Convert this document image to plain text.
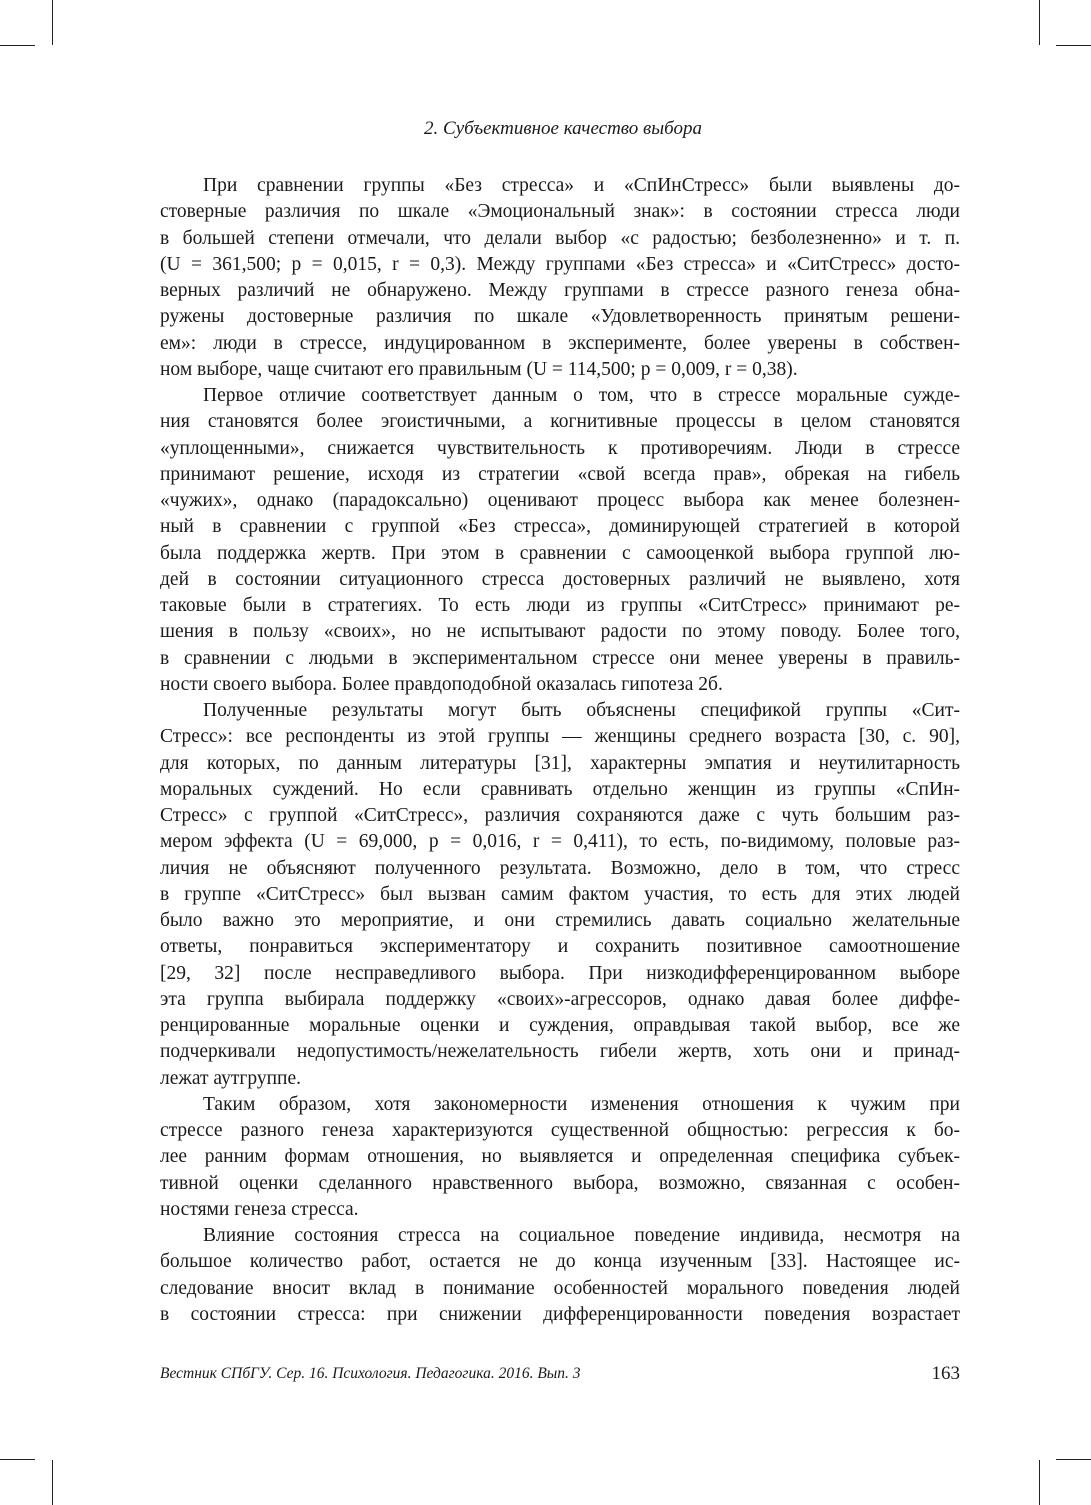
2. Субъективное качество выбора
При сравнении группы «Без стресса» и «СпИнСтресс» были выявлены до-
стоверные различия по шкале «Эмоциональный знак»: в состоянии стресса люди
в большей степени отмечали, что делали выбор «с радостью; безболезненно» и т. п.
(U = 361,500; p = 0,015, r = 0,3). Между группами «Без стресса» и «СитСтресс» досто-
верных различий не обнаружено. Между группами в стрессе разного генеза обна-
ружены достоверные различия по шкале «Удовлетворенность принятым решени-
ем»: люди в стрессе, индуцированном в эксперименте, более уверены в собствен-
ном выборе, чаще считают его правильным (U = 114,500; p = 0,009, r = 0,38).
Первое отличие соответствует данным о том, что в стрессе моральные сужде-
ния становятся более эгоистичными, а когнитивные процессы в целом становятся
«уплощенными», снижается чувствительность к противоречиям. Люди в стрессе
принимают решение, исходя из стратегии «свой всегда прав», обрекая на гибель
«чужих», однако (парадоксально) оценивают процесс выбора как менее болезнен-
ный в сравнении с группой «Без стресса», доминирующей стратегией в которой
была поддержка жертв. При этом в сравнении с самооценкой выбора группой лю-
дей в состоянии ситуационного стресса достоверных различий не выявлено, хотя
таковые были в стратегиях. То есть люди из группы «СитСтресс» принимают ре-
шения в пользу «своих», но не испытывают радости по этому поводу. Более того,
в сравнении с людьми в экспериментальном стрессе они менее уверены в правиль-
ности своего выбора. Более правдоподобной оказалась гипотеза 2б.
Полученные результаты могут быть объяснены спецификой группы «Сит-
Стресс»: все респонденты из этой группы — женщины среднего возраста [30, с. 90],
для которых, по данным литературы [31], характерны эмпатия и неутилитарность
моральных суждений. Но если сравнивать отдельно женщин из группы «СпИн-
Стресс» с группой «СитСтресс», различия сохраняются даже с чуть большим раз-
мером эффекта (U = 69,000, p = 0,016, r = 0,411), то есть, по-видимому, половые раз-
личия не объясняют полученного результата. Возможно, дело в том, что стресс
в группе «СитСтресс» был вызван самим фактом участия, то есть для этих людей
было важно это мероприятие, и они стремились давать социально желательные
ответы, понравиться экспериментатору и сохранить позитивное самоотношение
[29, 32] после несправедливого выбора. При низкодифференцированном выборе
эта группа выбирала поддержку «своих»-агрессоров, однако давая более диффе-
ренцированные моральные оценки и суждения, оправдывая такой выбор, все же
подчеркивали недопустимость/нежелательность гибели жертв, хоть они и принад-
лежат аутгруппе.
Таким образом, хотя закономерности изменения отношения к чужим при
стрессе разного генеза характеризуются существенной общностью: регрессия к бо-
лее ранним формам отношения, но выявляется и определенная специфика субъек-
тивной оценки сделанного нравственного выбора, возможно, связанная с особен-
ностями генеза стресса.
Влияние состояния стресса на социальное поведение индивида, несмотря на
большое количество работ, остается не до конца изученным [33]. Настоящее ис-
следование вносит вклад в понимание особенностей морального поведения людей
в состоянии стресса: при снижении дифференцированности поведения возрастает
Вестник СПбГУ. Сер. 16. Психология. Педагогика. 2016. Вып. 3	163
